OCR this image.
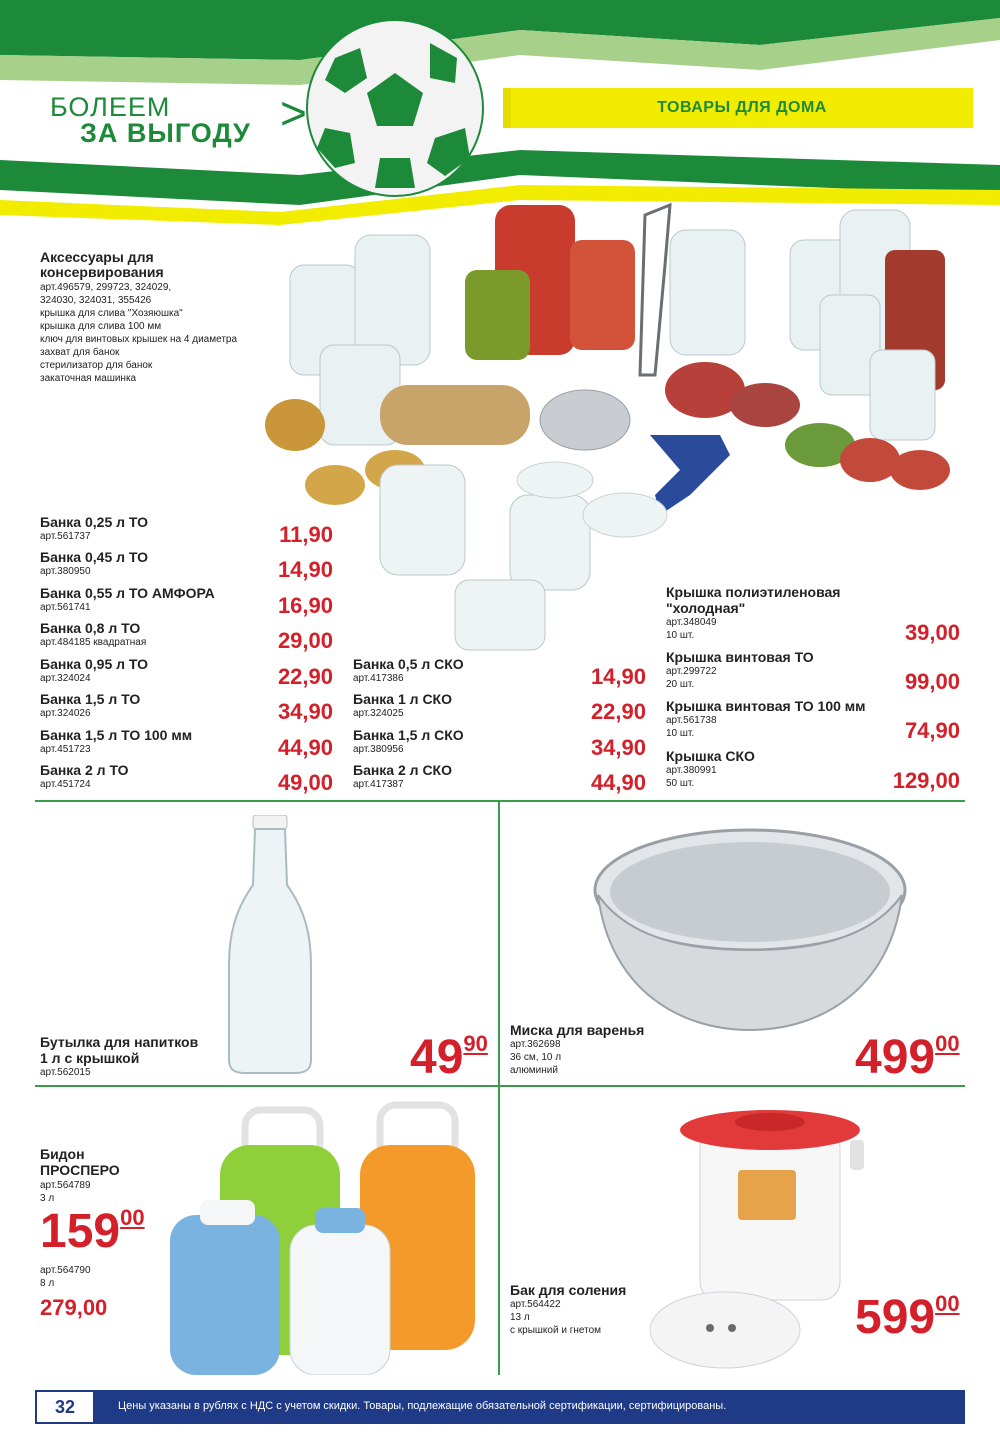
БОЛЕЕМ
ЗА ВЫГОДУ >	ТОВАРЫ ДЛЯ ДОМА
Аксессуары для консервирования
арт.496579, 299723, 324029,
324030, 324031, 355426
крышка для слива "Хозяюшка"
крышка для слива 100 мм
ключ для винтовых крышек на 4 диаметра
захват для банок
стерилизатор для банок
закаточная машинка
Банка 0,25 л ТО
арт.561737	11,90
Банка 0,45 л ТО
арт.380950	14,90
Банка 0,55 л ТО АМФОРА
арт.561741	16,90
Банка 0,8 л ТО
арт.484185 квадратная	29,00
Банка 0,95 л ТО
арт.324024	22,90
Банка 1,5 л ТО
арт.324026	34,90
Банка 1,5 л ТО 100 мм
арт.451723	44,90
Банка 2 л ТО
арт.451724	49,00
Банка 0,5 л СКО
арт.417386	14,90
Банка 1 л СКО
арт.324025	22,90
Банка 1,5 л СКО
арт.380956	34,90
Банка 2 л СКО
арт.417387	44,90
Крышка полиэтиленовая
"холодная"
арт.348049
10 шт.	39,00
Крышка винтовая ТО
арт.299722
20 шт.	99,00
Крышка винтовая ТО 100 мм
арт.561738
10 шт.	74,90
Крышка СКО
арт.380991
50 шт.	129,00
Бутылка для напитков
1 л с крышкой
арт.562015	4990
Миска для варенья
арт.362698
36 см, 10 л
алюминий	49900
Бидон
ПРОСПЕРО
арт.564789
3 л
15900
арт.564790
8 л
279,00
Бак для соления
арт.564422
13 л
с крышкой и гнетом	59900
32	Цены указаны в рублях с НДС с учетом скидки. Товары, подлежащие обязательной сертификации, сертифицированы.
